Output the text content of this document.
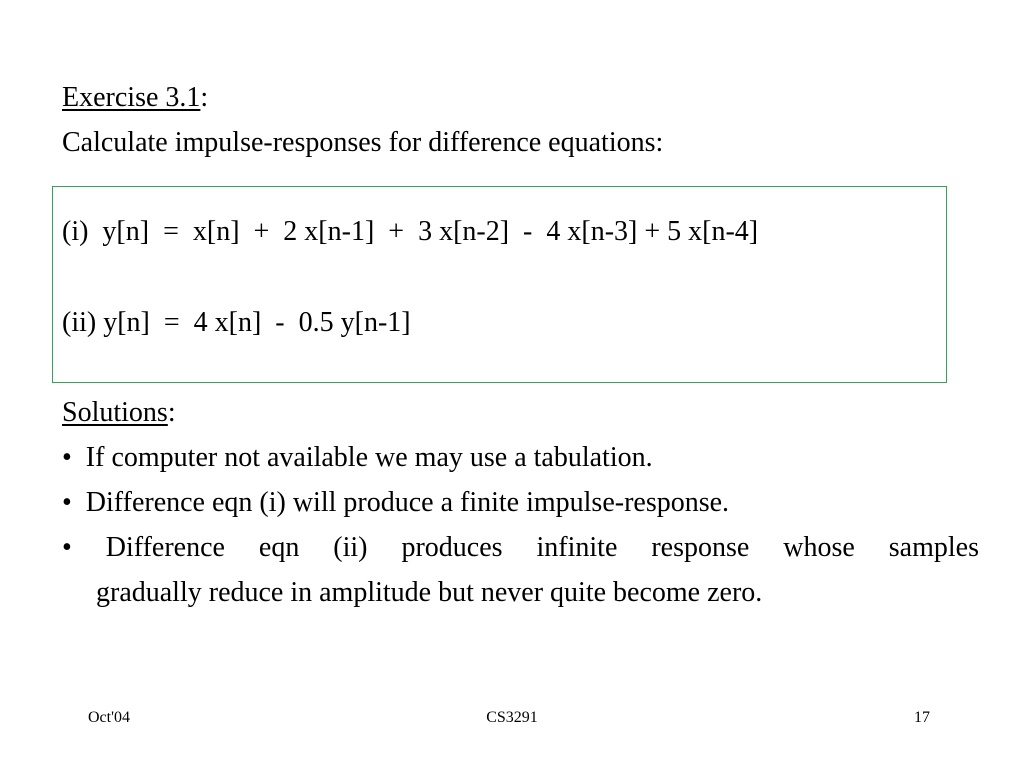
Exercise 3.1:

Calculate impulse-responses for difference equations:

(i)  y[n]  =  x[n]  +  2 x[n-1]  +  3 x[n-2]  -  4 x[n-3] + 5 x[n-4]

(ii) y[n]  =  4 x[n]  -  0.5 y[n-1]

Solutions:

•  If computer not available we may use a tabulation.

•  Difference eqn (i) will produce a finite impulse-response.

• Difference eqn (ii) produces infinite response whose samples

gradually reduce in amplitude but never quite become zero.

Oct'04	CS3291	17
